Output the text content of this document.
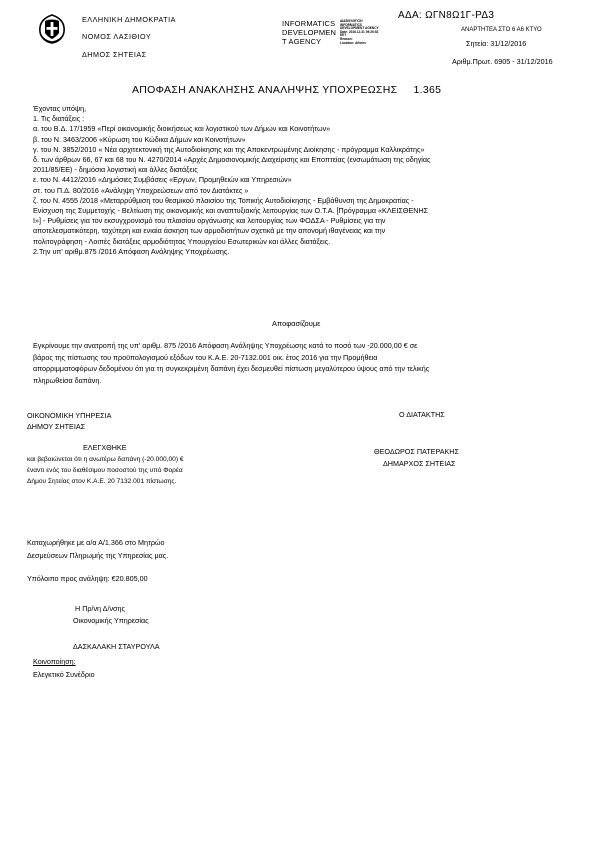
ΕΛΛΗΝΙΚΗ ΔΗΜΟΚΡΑΤΙΑ
ΝΟΜΟΣ ΛΑΣΙΘΙΟΥ
ΔΗΜΟΣ ΣΗΤΕΙΑΣ
INFORMATICS
DEVELOPMEN
T AGENCY
ΔΙΑΒΟΥΛΕΥΣΗ
INFORMATICS
DEVELOPMENT AGENCY
Date: 2016.12.31 09:26:52
EET
Reason:
Location: Athens
ΑΔΑ: ΩΓΝ8Ω1Γ-ΡΔ3
ΑΝΑΡΤΗΤΕΑ ΣΤΟ 6 Α6 ΚΤΥΟ
Σητεία: 31/12/2016
Αριθμ.Πρωτ. 6905 - 31/12/2016
ΑΠΟΦΑΣΗ ΑΝΑΚΛΗΣΗΣ ΑΝΑΛΗΨΗΣ ΥΠΟΧΡΕΩΣΗΣ     1.365
Έχοντας υπόψη,
1. Τις διατάξεις :
α. του Β.Δ. 17/1959 «Περί οικονομικής διοικήσεως και λογιστικού των Δήμων και Κοινοτήτων»
β. του Ν. 3463/2006 «Κύρωση του Κώδικα Δήμων και Κοινοτήτων»
γ. του Ν. 3852/2010 « Νέα αρχιτεκτονική της Αυτοδιοίκησης και της Αποκεντρωμένης Διοίκησης - πρόγραμμα Καλλικράτης»
δ. των άρθρων 66, 67 και 68 του Ν. 4270/2014 «Αρχές Δημοσιονομικής Διαχείρισης και Εποπτείας (ενσωμάτωση της οδηγίας
2011/85/ΕΕ) - δημόσια λογιστική και άλλες διατάξεις
ε. του Ν. 4412/2016 «Δημόσιες Συμβάσεις «Εργων, Προμηθειών και Υπηρεσιών»
στ. του Π.Δ. 80/2016 «Ανάληψη Υποχρεώσεων από τον Διατάκτες »
ζ. του Ν. 4555 /2018 «Μεταρρύθμιση του θεσμικού πλαισίου της Τοπικής Αυτοδιοίκησης - Εμβάθυνση της Δημοκρατίας -
Ενίσχυση της Συμμετοχής - Βελτίωση της οικονομικής και αναπτυξιακής λειτουργίας των Ο.Τ.Α. [Πρόγραμμα «ΚΛΕΙΣΘΕΝΗΣ
Ι»] - Ρυθμίσεις για τον εκσυγχρονισμό του πλαισίου οργάνωσης και λειτουργίας των ΦΟΔΣΑ - Ρυθμίσεις για την
αποτελεσματικότερη, ταχύτερη και ενιαία άσκηση των αρμοδιοτήτων σχετικά με την απονομή ιθαγένειας και την
πολιτογράφηση - Λοιπές διατάξεις αρμοδιότητας Υπουργείου Εσωτερικών και άλλες διατάξεις.
2.Την υπ' αριθμ.875 /2016 Απόφαση Ανάληψης Υποχρέωσης.
Αποφασίζουμε
Εγκρίνουμε την ανατροπή της υπ' αριθμ. 875 /2016 Απόφαση Ανάληψης Υποχρέωσης κατά το ποσό των -20.000,00 € σε
βάρος της πίστωσης του προϋπολογισμού εξόδων του Κ.Α.Ε. 20-7132.001 οικ. έτος 2016 για την Προμήθεια
απορριμματοφόρων δεδομένου ότι για τη συγκεκριμένη δαπάνη έχει δεσμευθεί πίστωση μεγαλύτερου ύψους από την τελικής
πληρωθείσα δαπάνη.
ΟΙΚΟΝΟΜΙΚΗ ΥΠΗΡΕΣΙΑ
ΔΗΜΟΥ ΣΗΤΕΙΑΣ
ΕΛΕΓΧΘΗΚΕ
και βεβαιώνεται ότι η ανωτέρω δαπάνη (-20.000,00) €
έναντι ενός του διαθέσιμου ποσοστού της υπό Φορέα
Δήμου Σητείας στον Κ.Α.Ε. 20 7132.001 πίστωσης.
Ο ΔΙΑΤΑΚΤΗΣ
ΘΕΟΔΩΡΟΣ ΠΑΤΕΡΑΚΗΣ
ΔΗΜΑΡΧΟΣ ΣΗΤΕΙΑΣ
Καταχωρήθηκε με α/α Α/1.366 στο Μητρώο
Δεσμεύσεων Πληρωμής της Υπηρεσίας μας.
Υπόλοιπο προς ανάληψη: €20.805,00
Η Πρ/νη Δ/νσης
Οικονομικής Υπηρεσίας
ΔΑΣΚΑΛΑΚΗ ΣΤΑΥΡΟΥΛΑ
Κοινοποίηση:
Ελεγκτικό Συνέδριο
